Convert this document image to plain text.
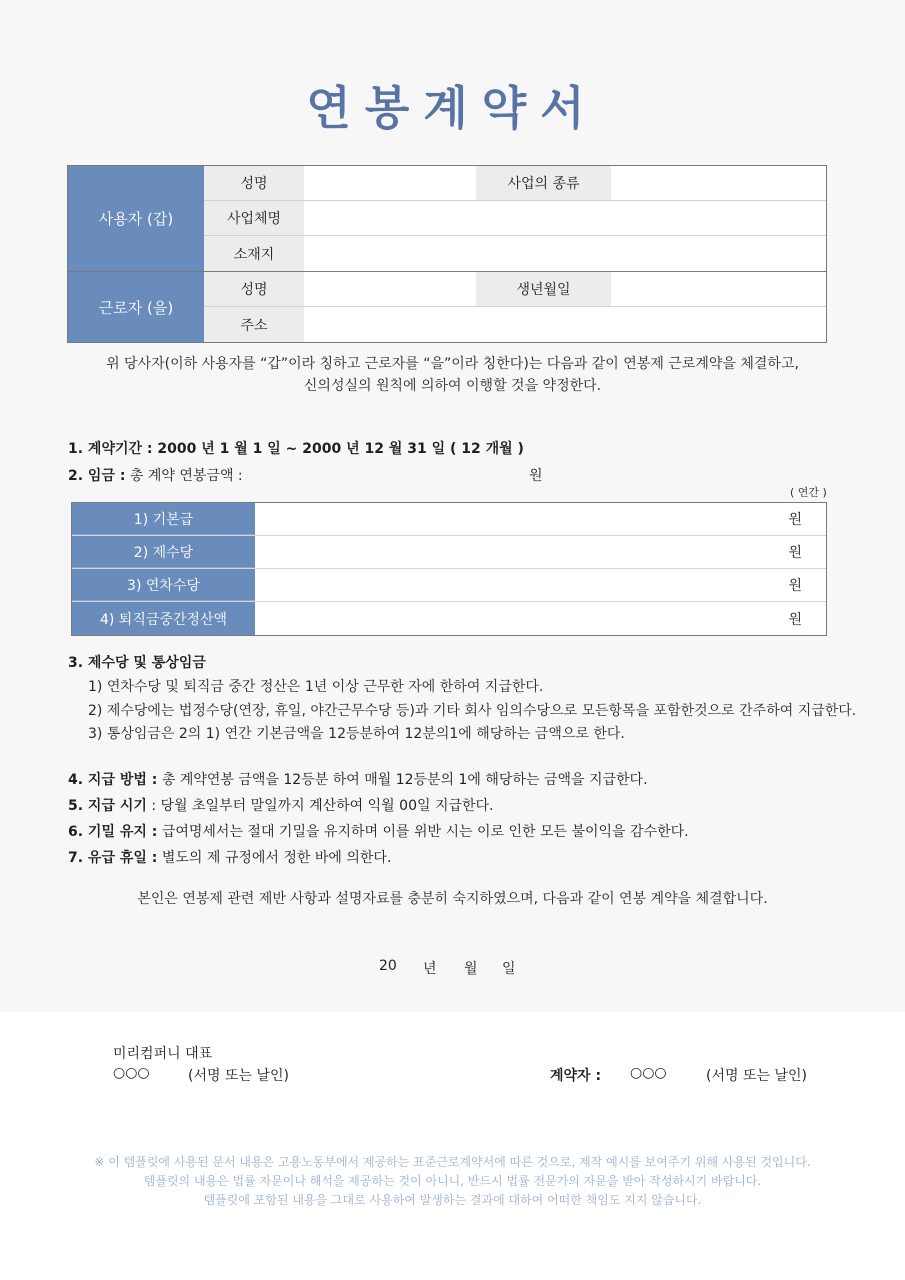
연봉계약서
사용자 (갑)
성명	사업의 종류
사업체명
소재지
근로자 (을)
성명	생년월일
주소
위 당사자(이하 사용자를 “갑”이라 칭하고 근로자를 “을”이라 칭한다)는 다음과 같이 연봉제 근로계약을 체결하고,
신의성실의 원칙에 의하여 이행할 것을 약정한다.
1. 계약기간 : 2000 년 1 월 1 일 ~ 2000 년 12 월 31 일 ( 12 개월 )
2. 임금 : 총 계약 연봉금액 :	원
( 연간 )
1) 기본급	원
2) 제수당	원
3) 연차수당	원
4) 퇴직금중간정산액	원
3. 제수당 및 통상임금
1) 연차수당 및 퇴직금 중간 정산은 1년 이상 근무한 자에 한하여 지급한다.
2) 제수당에는 법정수당(연장, 휴일, 야간근무수당 등)과 기타 회사 임의수당으로 모든항목을 포함한것으로 간주하여 지급한다.
3) 통상임금은 2의 1) 연간 기본금액을 12등분하여 12분의1에 해당하는 금액으로 한다.
4. 지급 방법 : 총 계약연봉 금액을 12등분 하여 매월 12등분의 1에 해당하는 금액을 지급한다.
5. 지급 시기 : 당월 초일부터 말일까지 계산하여 익월 00일 지급한다.
6. 기밀 유지 : 급여명세서는 절대 기밀을 유지하며 이를 위반 시는 이로 인한 모든 불이익을 감수한다.
7. 유급 휴일 : 별도의 제 규정에서 정한 바에 의한다.
본인은 연봉제 관련 제반 사항과 설명자료를 충분히 숙지하였으며, 다음과 같이 연봉 계약을 체결합니다.
20	년	월	일
미리컴퍼니 대표
○○○	(서명 또는 날인)	계약자 : ○○○	(서명 또는 날인)
※ 이 템플릿에 사용된 문서 내용은 고용노동부에서 제공하는 표준근로계약서에 따른 것으로, 제작 예시를 보여주기 위해 사용된 것입니다.
템플릿의 내용은 법률 자문이나 해석을 제공하는 것이 아니니, 반드시 법률 전문가의 자문을 받아 작성하시기 바랍니다.
템플릿에 포함된 내용을 그대로 사용하여 발생하는 결과에 대하여 어떠한 책임도 지지 않습니다.
